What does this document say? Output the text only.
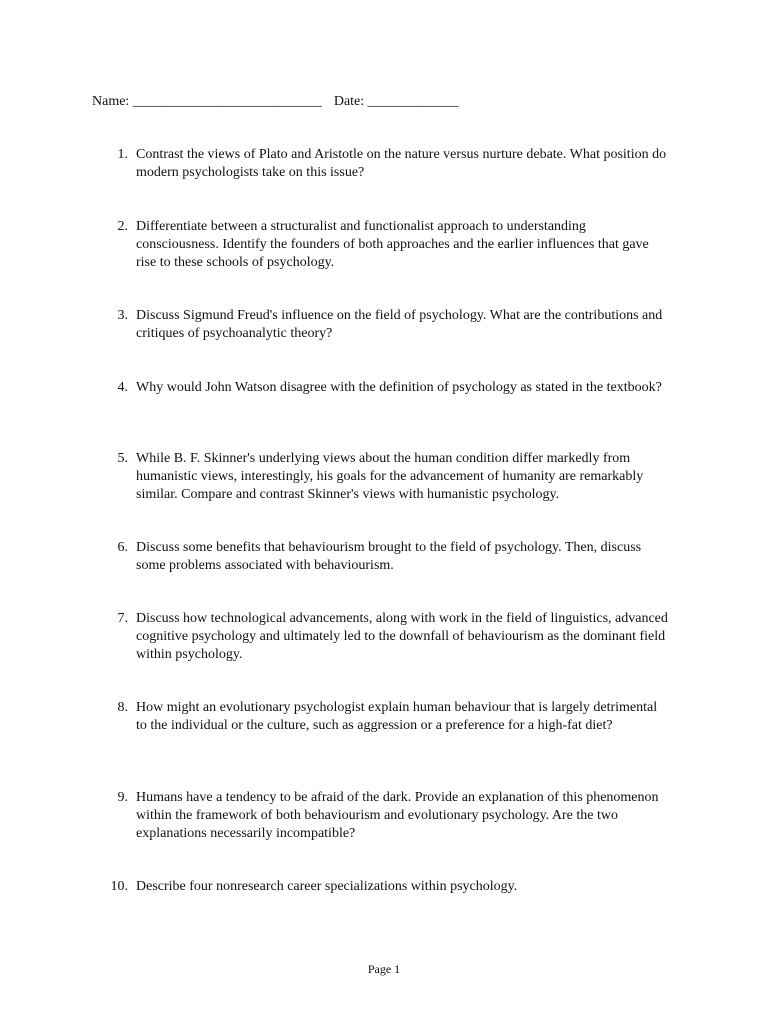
Name: ___________________________ Date: _____________
1. Contrast the views of Plato and Aristotle on the nature versus nurture debate. What position do modern psychologists take on this issue?
2. Differentiate between a structuralist and functionalist approach to understanding consciousness. Identify the founders of both approaches and the earlier influences that gave rise to these schools of psychology.
3. Discuss Sigmund Freud's influence on the field of psychology. What are the contributions and critiques of psychoanalytic theory?
4. Why would John Watson disagree with the definition of psychology as stated in the textbook?
5. While B. F. Skinner's underlying views about the human condition differ markedly from humanistic views, interestingly, his goals for the advancement of humanity are remarkably similar. Compare and contrast Skinner's views with humanistic psychology.
6. Discuss some benefits that behaviourism brought to the field of psychology. Then, discuss some problems associated with behaviourism.
7. Discuss how technological advancements, along with work in the field of linguistics, advanced cognitive psychology and ultimately led to the downfall of behaviourism as the dominant field within psychology.
8. How might an evolutionary psychologist explain human behaviour that is largely detrimental to the individual or the culture, such as aggression or a preference for a high-fat diet?
9. Humans have a tendency to be afraid of the dark. Provide an explanation of this phenomenon within the framework of both behaviourism and evolutionary psychology. Are the two explanations necessarily incompatible?
10. Describe four nonresearch career specializations within psychology.
Page 1
